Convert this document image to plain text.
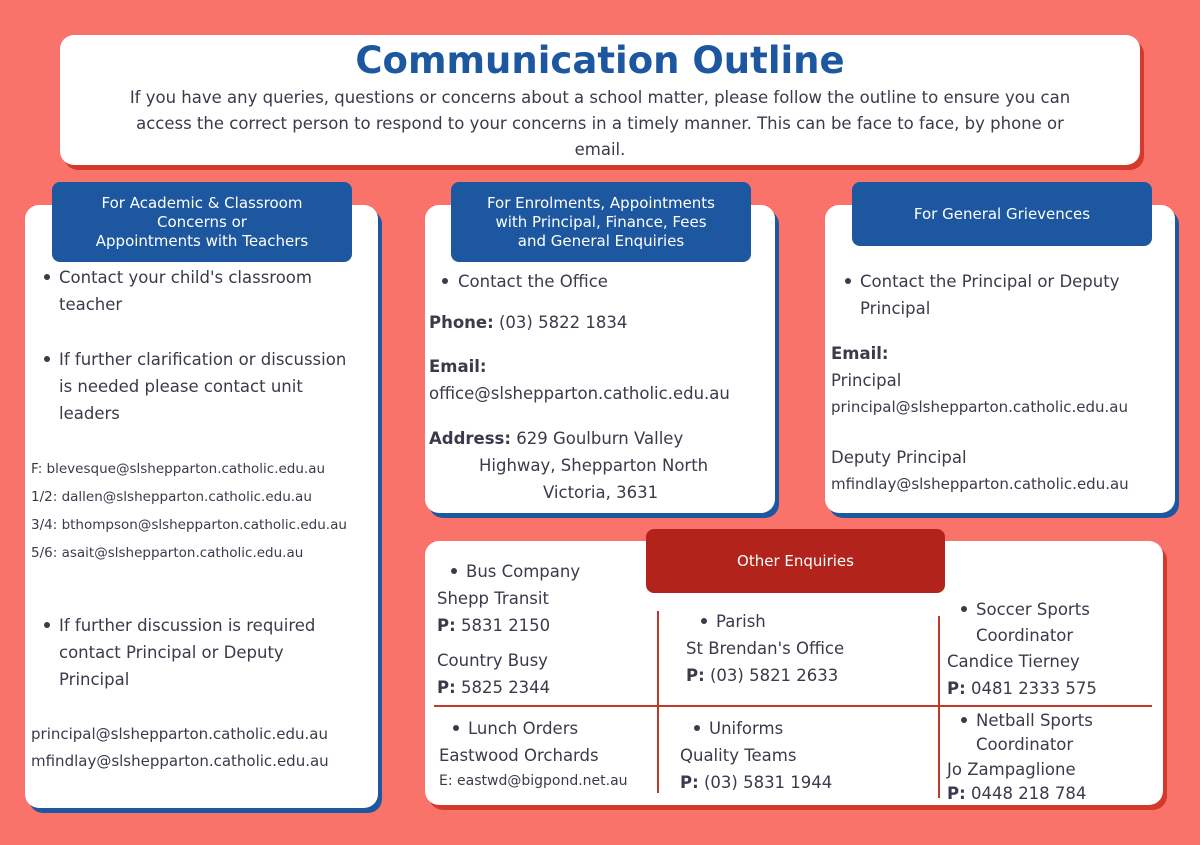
Communication Outline
If you have any queries, questions or concerns about a school matter, please follow the outline to ensure you can
access the correct person to respond to your concerns in a timely manner. This can be face to face, by phone or
email.
For Academic & Classroom
Concerns or
Appointments with Teachers
Contact your child's classroom
teacher
If further clarification or discussion
is needed please contact unit
leaders
F: blevesque@slshepparton.catholic.edu.au
1/2: dallen@slshepparton.catholic.edu.au
3/4: bthompson@slshepparton.catholic.edu.au
5/6: asait@slshepparton.catholic.edu.au
If further discussion is required
contact Principal or Deputy
Principal
principal@slshepparton.catholic.edu.au
mfindlay@slshepparton.catholic.edu.au
For Enrolments, Appointments
with Principal, Finance, Fees
and General Enquiries
Contact the Office
Phone: (03) 5822 1834
Email:
office@slshepparton.catholic.edu.au
Address: 629 Goulburn Valley
Highway, Shepparton North
Victoria, 3631
For General Grievences
Contact the Principal or Deputy
Principal
Email:
Principal
principal@slshepparton.catholic.edu.au
Deputy Principal
mfindlay@slshepparton.catholic.edu.au
Other Enquiries
Bus Company
Shepp Transit
P: 5831 2150
Country Busy
P: 5825 2344
Parish
St Brendan's Office
P: (03) 5821 2633
Soccer Sports
Coordinator
Candice Tierney
P: 0481 2333 575
Lunch Orders
Eastwood Orchards
E: eastwd@bigpond.net.au
Uniforms
Quality Teams
P: (03) 5831 1944
Netball Sports
Coordinator
Jo Zampaglione
P: 0448 218 784
